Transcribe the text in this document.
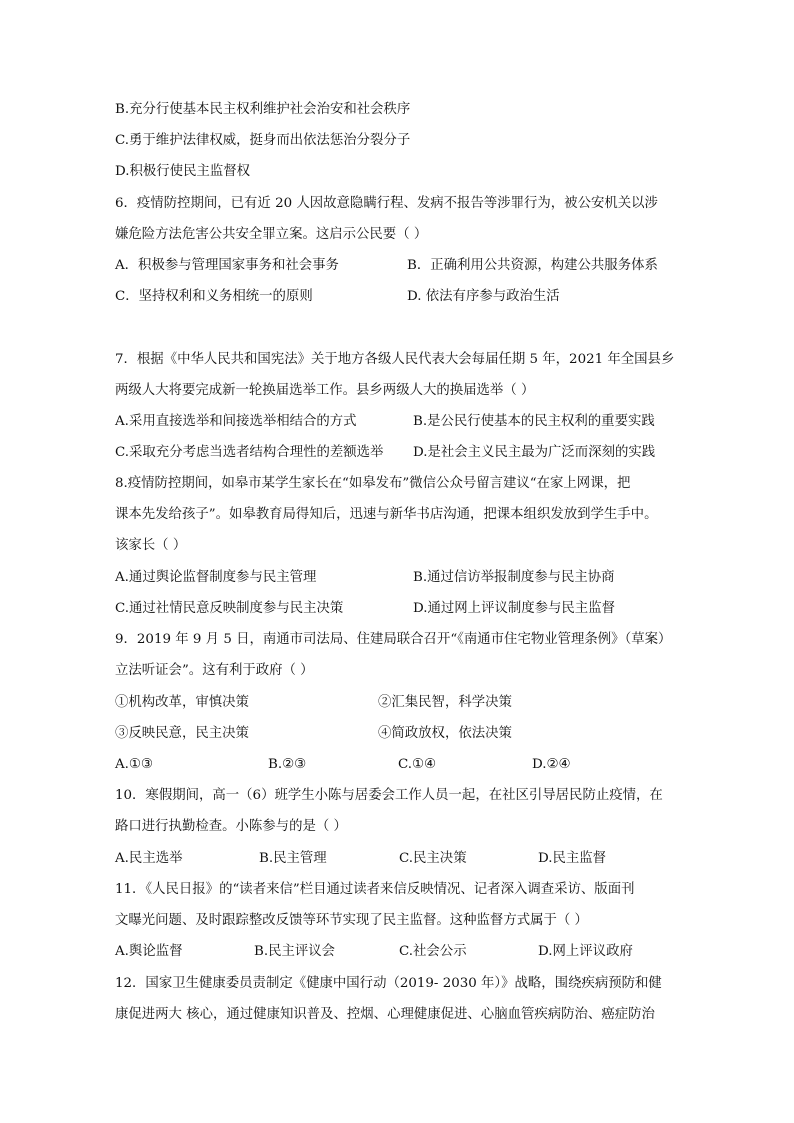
B.充分行使基本民主权利维护社会治安和社会秩序
C.勇于维护法律权威，挺身而出依法惩治分裂分子
D.积极行使民主监督权
6．疫情防控期间，已有近 20 人因故意隐瞒行程、发病不报告等涉罪行为，被公安机关以涉
嫌危险方法危害公共安全罪立案。这启示公民要（ ）
A．积极参与管理国家事务和社会事务	B．正确利用公共资源，构建公共服务体系
C．坚持权利和义务相统一的原则	D. 依法有序参与政治生活
7．根据《中华人民共和国宪法》关于地方各级人民代表大会每届任期 5 年，2021 年全国县乡
两级人大将要完成新一轮换届选举工作。县乡两级人大的换届选举（ ）
A.采用直接选举和间接选举相结合的方式	B.是公民行使基本的民主权利的重要实践
C.采取充分考虑当选者结构合理性的差额选举 D.是社会主义民主最为广泛而深刻的实践
8.疫情防控期间，如皋市某学生家长在“如皋发布”微信公众号留言建议“在家上网课，把
课本先发给孩子”。如皋教育局得知后，迅速与新华书店沟通，把课本组织发放到学生手中。
该家长（ ）
A.通过舆论监督制度参与民主管理	B.通过信访举报制度参与民主协商
C.通过社情民意反映制度参与民主决策	D.通过网上评议制度参与民主监督
9．2019 年 9 月 5 日，南通市司法局、住建局联合召开“《南通市住宅物业管理条例》（草案）
立法听证会”。这有利于政府（ ）
①机构改革，审慎决策	②汇集民智，科学决策
③反映民意，民主决策	④简政放权，依法决策
A.①③	B.②③	C.①④	D.②④
10．寒假期间，高一（6）班学生小陈与居委会工作人员一起，在社区引导居民防止疫情，在
路口进行执勤检查。小陈参与的是（ ）
A.民主选举	B.民主管理	C.民主决策	D.民主监督
11．《人民日报》的“读者来信”栏目通过读者来信反映情况、记者深入调查采访、版面刊
文曝光问题、及时跟踪整改反馈等环节实现了民主监督。这种监督方式属于（ ）
A.舆论监督	B.民主评议会	C.社会公示	D.网上评议政府
12．国家卫生健康委员责制定《健康中国行动（2019- 2030 年）》战略，围绕疾病预防和健
康促进两大 核心，通过健康知识普及、控烟、心理健康促进、心脑血管疾病防治、癌症防治
